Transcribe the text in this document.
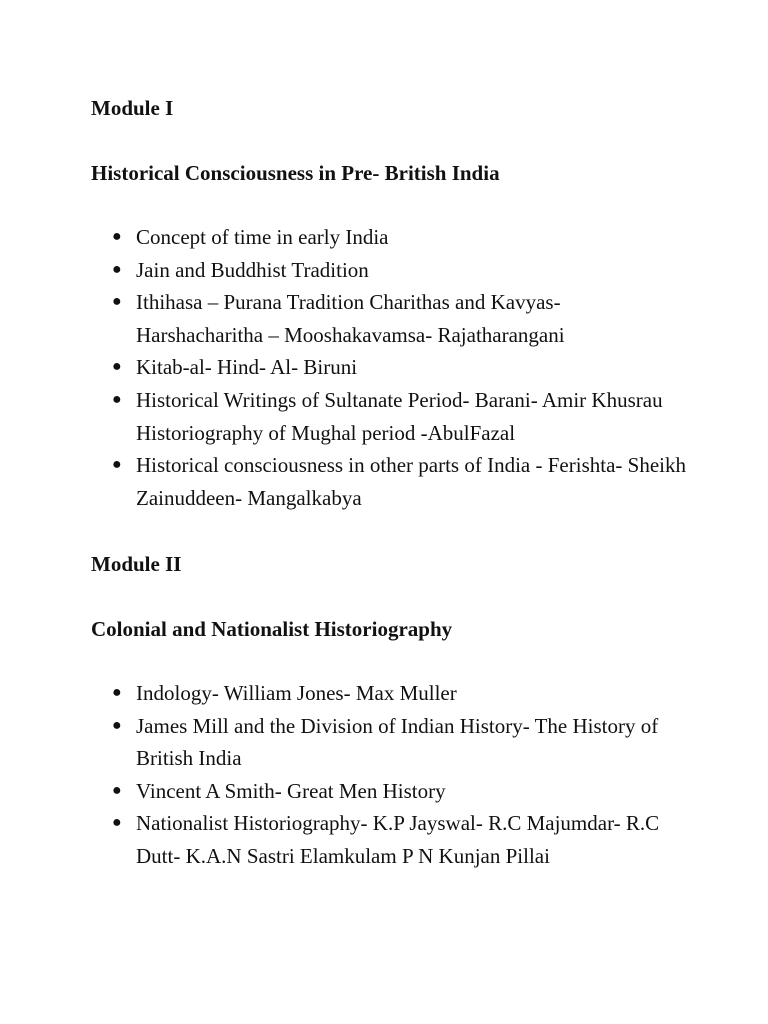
Module I
Historical Consciousness in Pre- British India
● Concept of time in early India
● Jain and Buddhist Tradition
● Ithihasa – Purana Tradition Charithas and Kavyas- Harshacharitha – Mooshakavamsa- Rajatharangani
● Kitab-al- Hind- Al- Biruni
● Historical Writings of Sultanate Period- Barani- Amir Khusrau Historiography of Mughal period -AbulFazal
● Historical consciousness in other parts of India - Ferishta- Sheikh Zainuddeen- Mangalkabya
Module II
Colonial and Nationalist Historiography
● Indology- William Jones- Max Muller
● James Mill and the Division of Indian History- The History of British India
● Vincent A Smith- Great Men History
● Nationalist Historiography- K.P Jayswal- R.C Majumdar- R.C Dutt- K.A.N Sastri Elamkulam P N Kunjan Pillai
